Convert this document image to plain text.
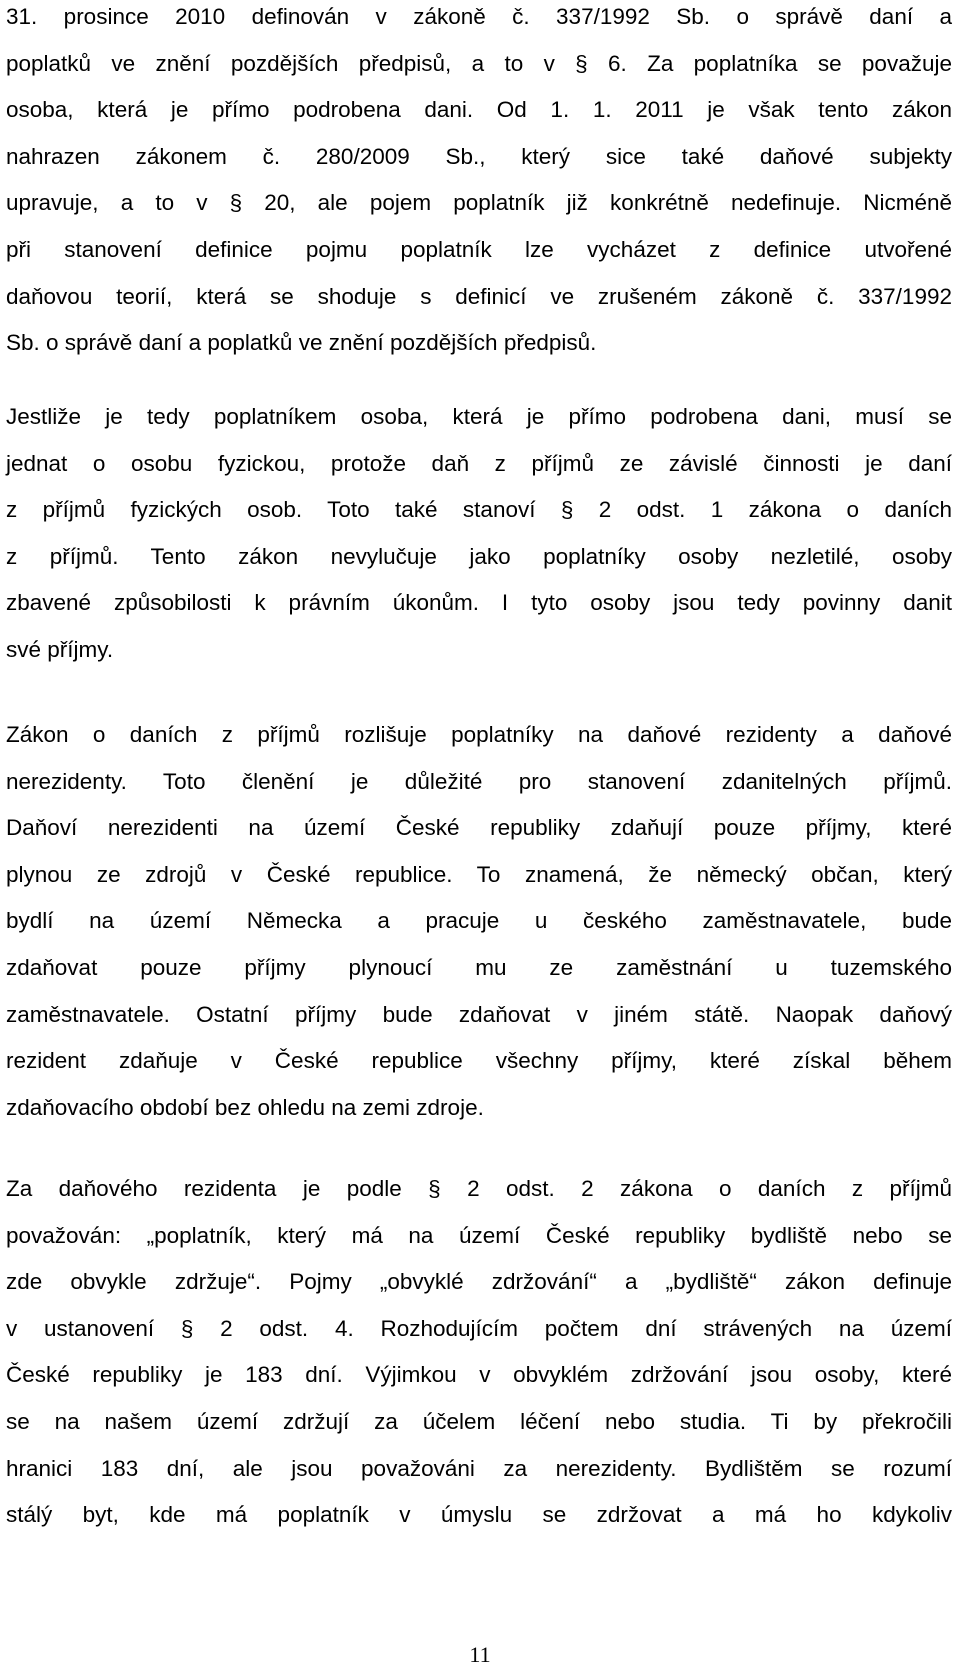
31. prosince 2010 definován v zákoně č. 337/1992 Sb. o správě daní a
poplatků ve znění pozdějších předpisů, a to v § 6. Za poplatníka se považuje
osoba, která je přímo podrobena dani. Od 1. 1. 2011 je však tento zákon
nahrazen zákonem č. 280/2009 Sb., který sice také daňové subjekty
upravuje, a to v § 20, ale pojem poplatník již konkrétně nedefinuje. Nicméně
při stanovení definice pojmu poplatník lze vycházet z definice utvořené
daňovou teorií, která se shoduje s definicí ve zrušeném zákoně č. 337/1992
Sb. o správě daní a poplatků ve znění pozdějších předpisů.
Jestliže je tedy poplatníkem osoba, která je přímo podrobena dani, musí se
jednat o osobu fyzickou, protože daň z příjmů ze závislé činnosti je daní
z příjmů fyzických osob. Toto také stanoví § 2 odst. 1 zákona o daních
z příjmů. Tento zákon nevylučuje jako poplatníky osoby nezletilé, osoby
zbavené způsobilosti k právním úkonům. I tyto osoby jsou tedy povinny danit
své příjmy.
Zákon o daních z příjmů rozlišuje poplatníky na daňové rezidenty a daňové
nerezidenty. Toto členění je důležité pro stanovení zdanitelných příjmů.
Daňoví nerezidenti na území České republiky zdaňují pouze příjmy, které
plynou ze zdrojů v České republice. To znamená, že německý občan, který
bydlí na území Německa a pracuje u českého zaměstnavatele, bude
zdaňovat pouze příjmy plynoucí mu ze zaměstnání u tuzemského
zaměstnavatele. Ostatní příjmy bude zdaňovat v jiném státě. Naopak daňový
rezident zdaňuje v České republice všechny příjmy, které získal během
zdaňovacího období bez ohledu na zemi zdroje.
Za daňového rezidenta je podle § 2 odst. 2 zákona o daních z příjmů
považován: „poplatník, který má na území České republiky bydliště nebo se
zde obvykle zdržuje“. Pojmy „obvyklé zdržování“ a „bydliště“ zákon definuje
v ustanovení § 2 odst. 4. Rozhodujícím počtem dní strávených na území
České republiky je 183 dní. Výjimkou v obvyklém zdržování jsou osoby, které
se na našem území zdržují za účelem léčení nebo studia. Ti by překročili
hranici 183 dní, ale jsou považováni za nerezidenty. Bydlištěm se rozumí
stálý byt, kde má poplatník v úmyslu se zdržovat a má ho kdykoliv
11
